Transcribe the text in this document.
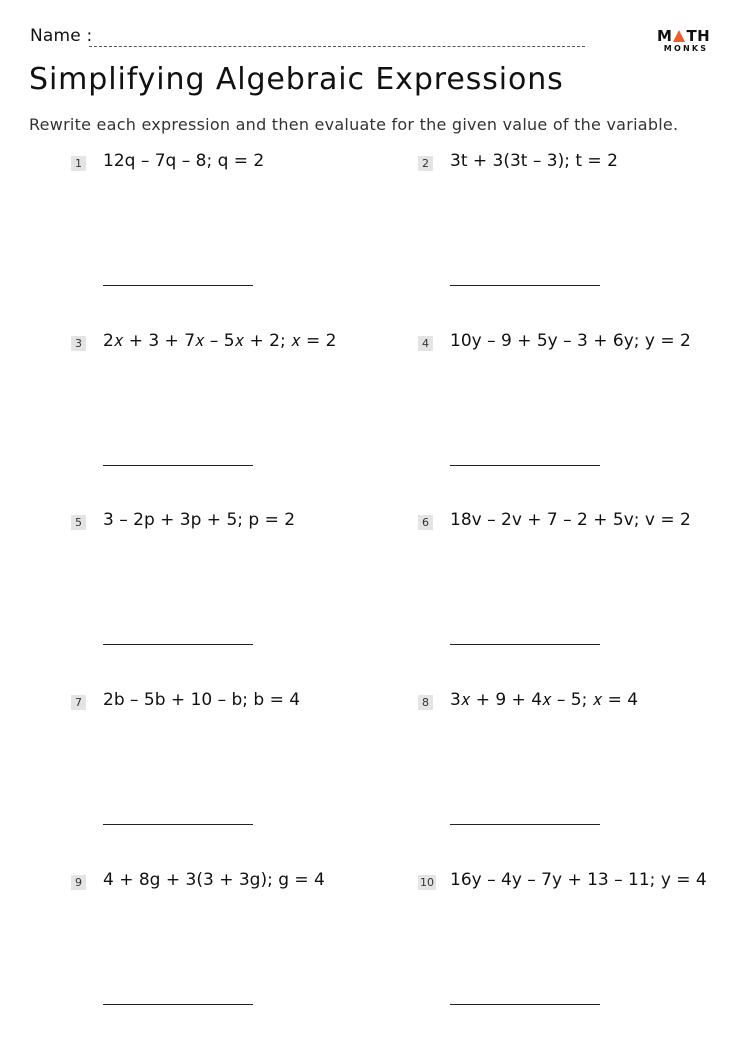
Name :	M TH
MONKS
Simplifying Algebraic Expressions

Rewrite each expression and then evaluate for the given value of the variable.

1 12q – 7q – 8; q = 2	2 3t + 3(3t – 3); t = 2
3 2𝑥 + 3 + 7𝑥 – 5𝑥 + 2; 𝑥 = 2	4 10y – 9 + 5y – 3 + 6y; y = 2
5 3 – 2p + 3p + 5; p = 2	6 18v – 2v + 7 – 2 + 5v; v = 2
7 2b – 5b + 10 – b; b = 4	8 3𝑥 + 9 + 4𝑥 – 5; 𝑥 = 4
9 4 + 8g + 3(3 + 3g); g = 4	10 16y – 4y – 7y + 13 – 11; y = 4
